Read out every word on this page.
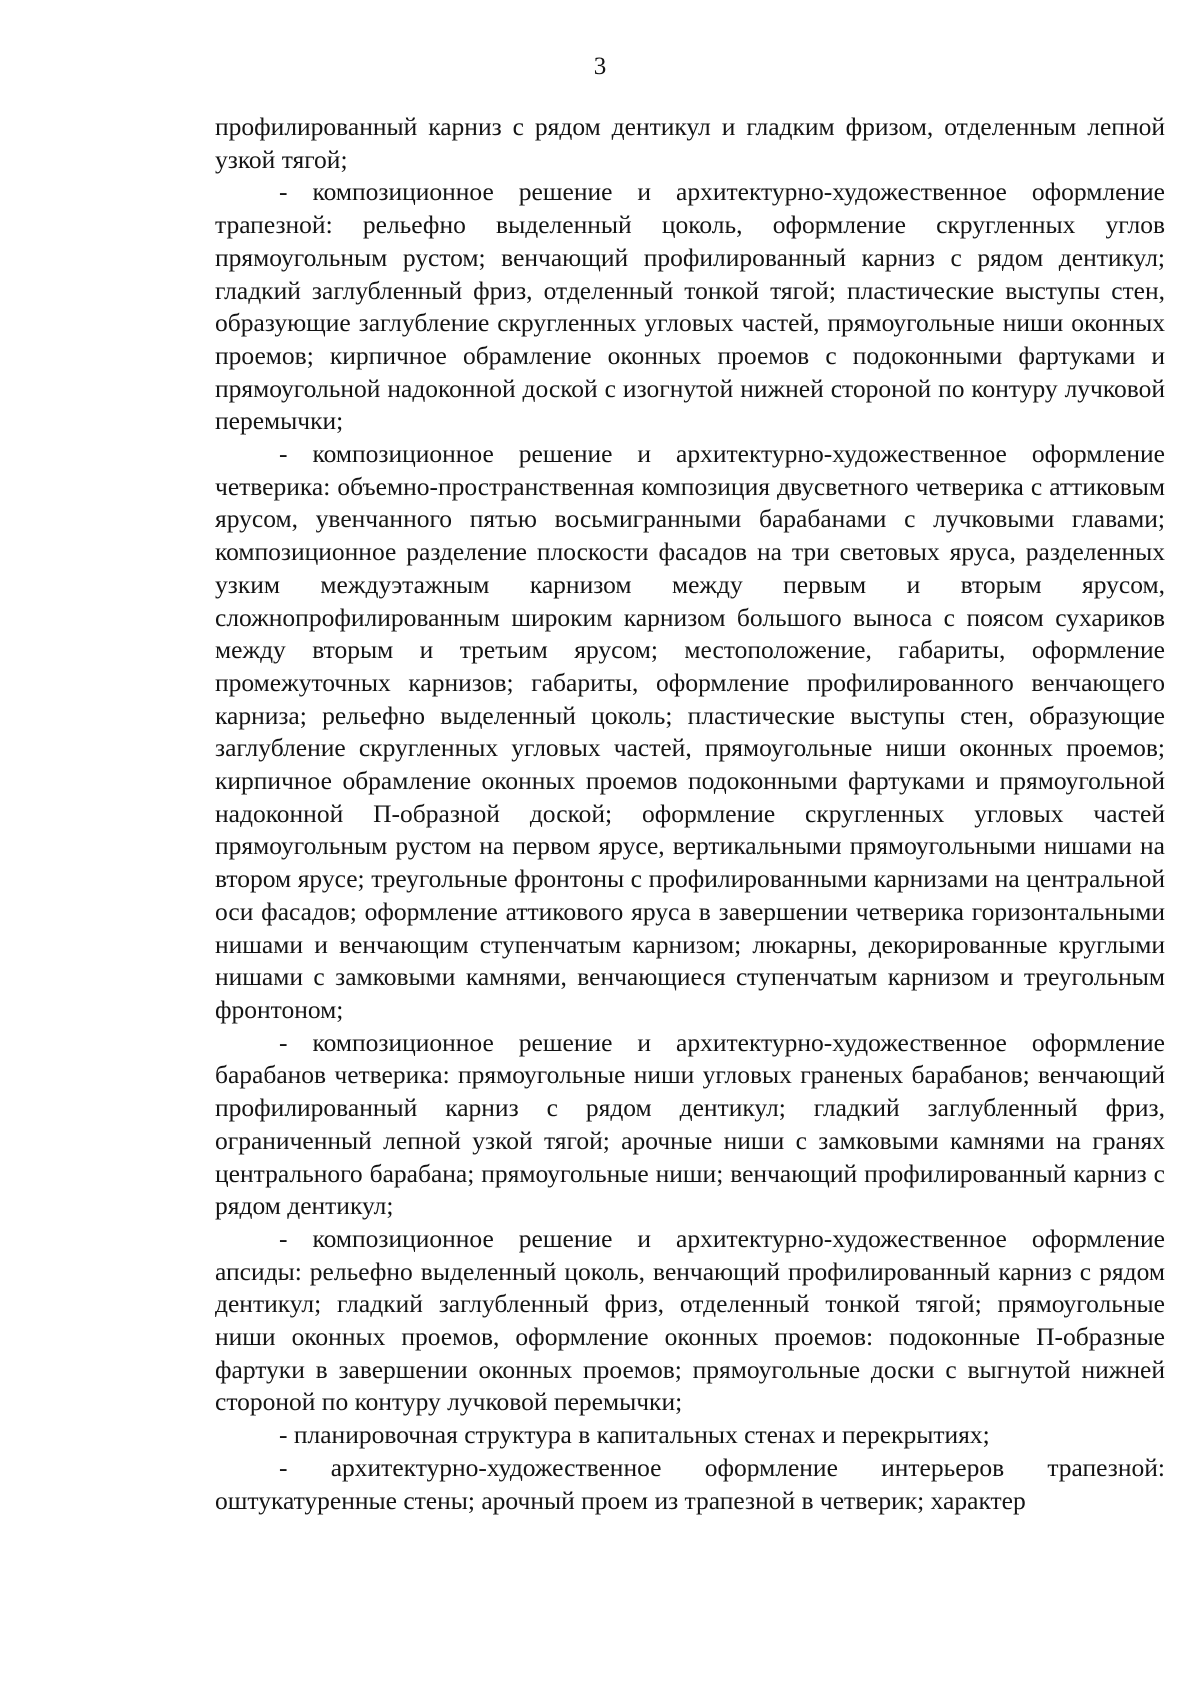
3

профилированный карниз с рядом дентикул и гладким фризом, отделенным лепной узкой тягой;

- композиционное решение и архитектурно-художественное оформление трапезной: рельефно выделенный цоколь, оформление скругленных углов прямоугольным рустом; венчающий профилированный карниз с рядом дентикул; гладкий заглубленный фриз, отделенный тонкой тягой; пластические выступы стен, образующие заглубление скругленных угловых частей, прямоугольные ниши оконных проемов; кирпичное обрамление оконных проемов с подоконными фартуками и прямоугольной надоконной доской с изогнутой нижней стороной по контуру лучковой перемычки;

- композиционное решение и архитектурно-художественное оформление четверика: объемно-пространственная композиция двусветного четверика с аттиковым ярусом, увенчанного пятью восьмигранными барабанами с лучковыми главами; композиционное разделение плоскости фасадов на три световых яруса, разделенных узким междуэтажным карнизом между первым и вторым ярусом, сложнопрофилированным широким карнизом большого выноса с поясом сухариков между вторым и третьим ярусом; местоположение, габариты, оформление промежуточных карнизов; габариты, оформление профилированного венчающего карниза; рельефно выделенный цоколь; пластические выступы стен, образующие заглубление скругленных угловых частей, прямоугольные ниши оконных проемов; кирпичное обрамление оконных проемов подоконными фартуками и прямоугольной надоконной П-образной доской; оформление скругленных угловых частей прямоугольным рустом на первом ярусе, вертикальными прямоугольными нишами на втором ярусе; треугольные фронтоны с профилированными карнизами на центральной оси фасадов; оформление аттикового яруса в завершении четверика горизонтальными нишами и венчающим ступенчатым карнизом; люкарны, декорированные круглыми нишами с замковыми камнями, венчающиеся ступенчатым карнизом и треугольным фронтоном;

- композиционное решение и архитектурно-художественное оформление барабанов четверика: прямоугольные ниши угловых граненых барабанов; венчающий профилированный карниз с рядом дентикул; гладкий заглубленный фриз, ограниченный лепной узкой тягой; арочные ниши с замковыми камнями на гранях центрального барабана; прямоугольные ниши; венчающий профилированный карниз с рядом дентикул;

- композиционное решение и архитектурно-художественное оформление апсиды: рельефно выделенный цоколь, венчающий профилированный карниз с рядом дентикул; гладкий заглубленный фриз, отделенный тонкой тягой; прямоугольные ниши оконных проемов, оформление оконных проемов: подоконные П-образные фартуки в завершении оконных проемов; прямоугольные доски с выгнутой нижней стороной по контуру лучковой перемычки;

- планировочная структура в капитальных стенах и перекрытиях;

- архитектурно-художественное оформление интерьеров трапезной: оштукатуренные стены; арочный проем из трапезной в четверик; характер
